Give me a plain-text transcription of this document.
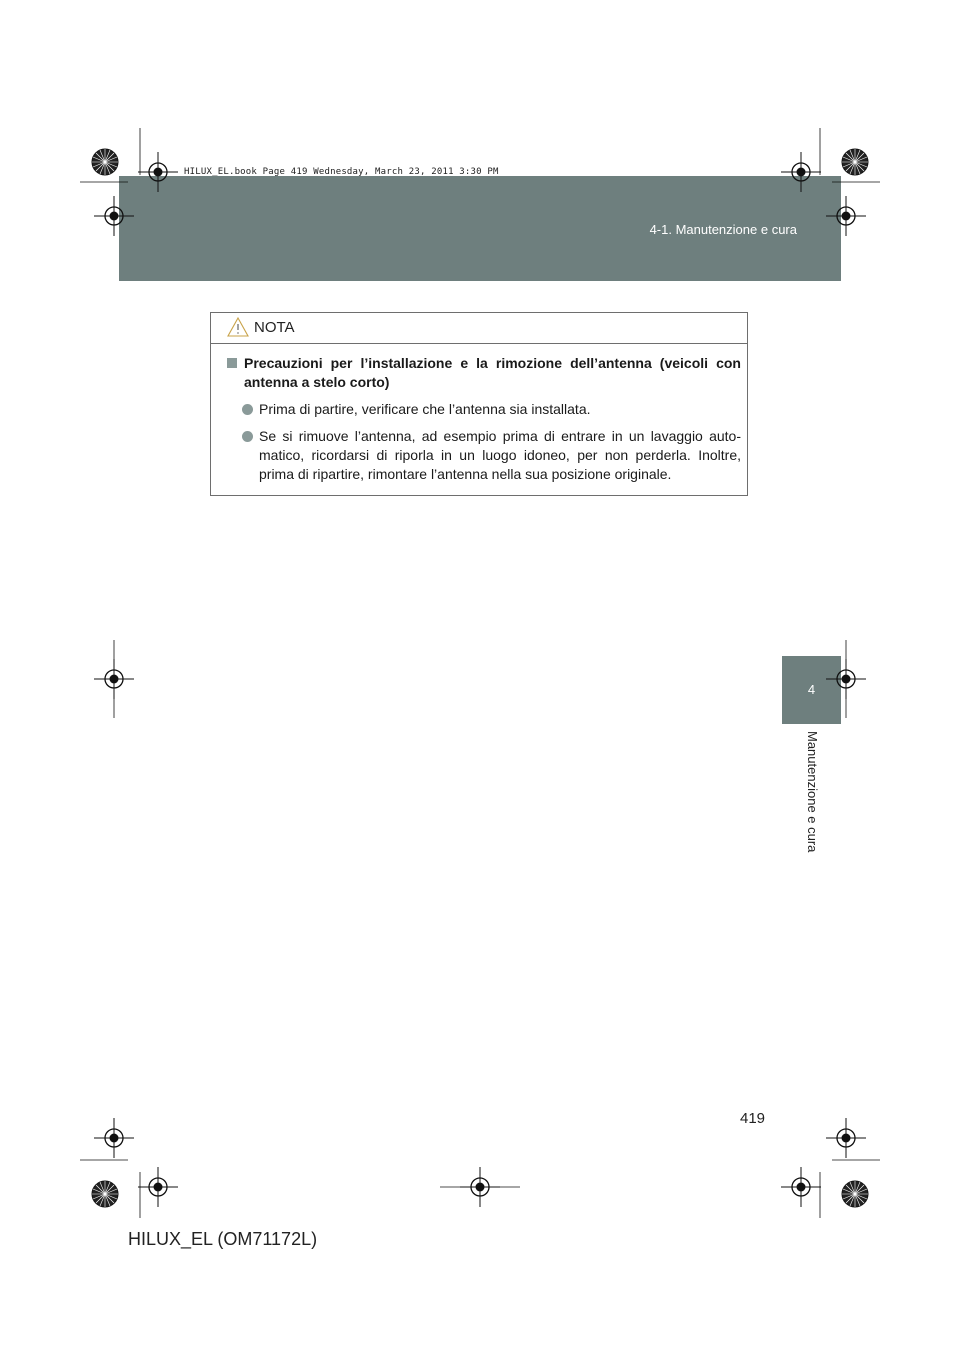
4-1. Manutenzione e cura
HILUX_EL.book Page 419 Wednesday, March 23, 2011 3:30 PM
4
Manutenzione e cura
NOTA
Precauzioni per l’installazione e la rimozione dell’antenna (veicoli con antenna a stelo corto)
Prima di partire, verificare che l’antenna sia installata.
Se si rimuove l’antenna, ad esempio prima di entrare in un lavaggio auto-matico, ricordarsi di riporla in un luogo idoneo, per non perderla. Inoltre, prima di ripartire, rimontare l’antenna nella sua posizione originale.
419
HILUX_EL (OM71172L)
